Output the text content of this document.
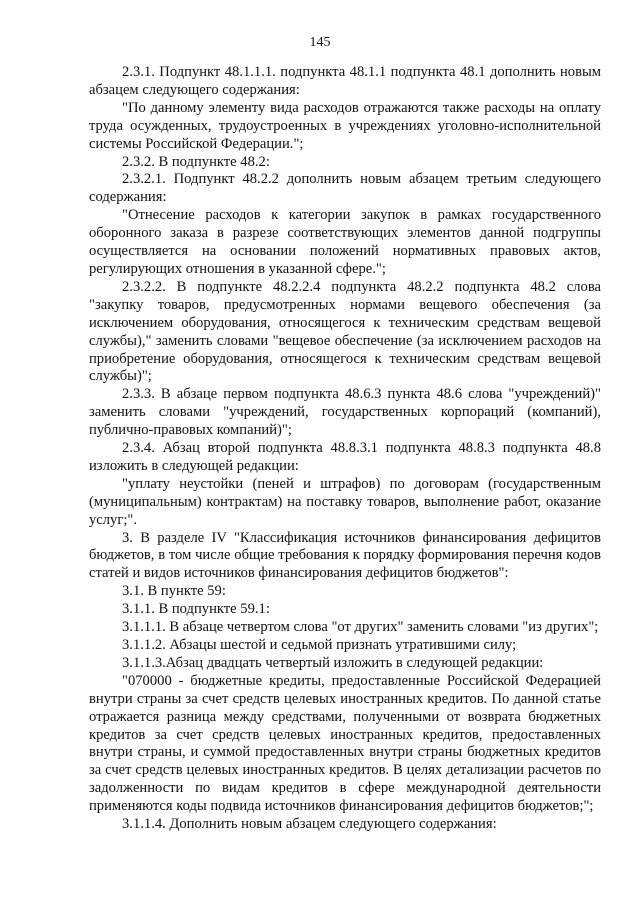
145

2.3.1. Подпункт 48.1.1.1. подпункта 48.1.1 подпункта 48.1 дополнить новым абзацем следующего содержания:

"По данному элементу вида расходов отражаются также расходы на оплату труда осужденных, трудоустроенных в учреждениях уголовно-исполнительной системы Российской Федерации.";

2.3.2. В подпункте 48.2:

2.3.2.1. Подпункт 48.2.2 дополнить новым абзацем третьим следующего содержания:

"Отнесение расходов к категории закупок в рамках государственного оборонного заказа в разрезе соответствующих элементов данной подгруппы осуществляется на основании положений нормативных правовых актов, регулирующих отношения в указанной сфере.";

2.3.2.2. В подпункте 48.2.2.4 подпункта 48.2.2 подпункта 48.2 слова "закупку товаров, предусмотренных нормами вещевого обеспечения (за исключением оборудования, относящегося к техническим средствам вещевой службы)," заменить словами "вещевое обеспечение (за исключением расходов на приобретение оборудования, относящегося к техническим средствам вещевой службы)";

2.3.3. В абзаце первом подпункта 48.6.3 пункта 48.6 слова "учреждений)" заменить словами "учреждений, государственных корпораций (компаний), публично-правовых компаний)";

2.3.4. Абзац второй подпункта 48.8.3.1 подпункта 48.8.3 подпункта 48.8 изложить в следующей редакции:

"уплату неустойки (пеней и штрафов) по договорам (государственным (муниципальным) контрактам) на поставку товаров, выполнение работ, оказание услуг;".

3. В разделе IV "Классификация источников финансирования дефицитов бюджетов, в том числе общие требования к порядку формирования перечня кодов статей и видов источников финансирования дефицитов бюджетов":

3.1. В пункте 59:

3.1.1. В подпункте 59.1:

3.1.1.1. В абзаце четвертом слова "от других" заменить словами "из других";

3.1.1.2. Абзацы шестой и седьмой признать утратившими силу;

3.1.1.3.Абзац двадцать четвертый изложить в следующей редакции:

"070000 - бюджетные кредиты, предоставленные Российской Федерацией внутри страны за счет средств целевых иностранных кредитов. По данной статье отражается разница между средствами, полученными от возврата бюджетных кредитов за счет средств целевых иностранных кредитов, предоставленных внутри страны, и суммой предоставленных внутри страны бюджетных кредитов за счет средств целевых иностранных кредитов. В целях детализации расчетов по задолженности по видам кредитов в сфере международной деятельности применяются коды подвида источников финансирования дефицитов бюджетов;";

3.1.1.4. Дополнить новым абзацем следующего содержания:
